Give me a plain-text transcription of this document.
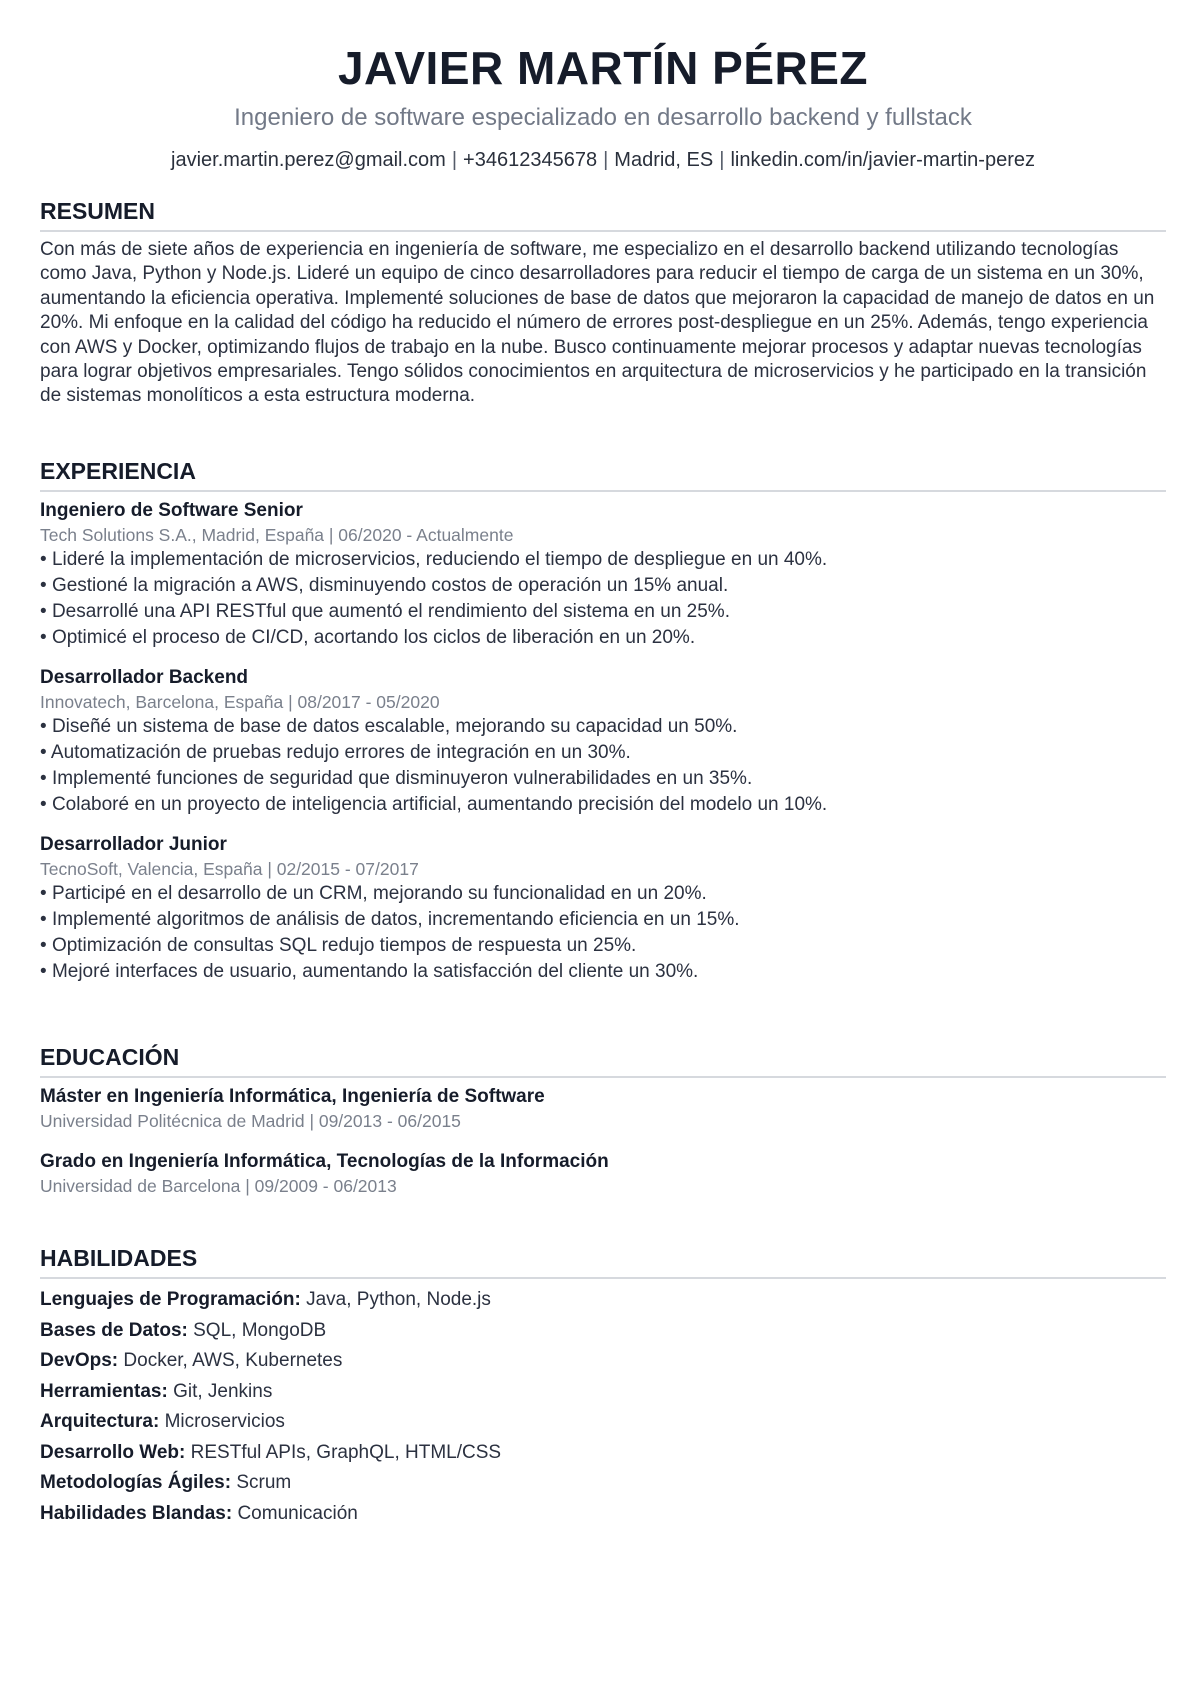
JAVIER MARTÍN PÉREZ
Ingeniero de software especializado en desarrollo backend y fullstack
javier.martin.perez@gmail.com | +34612345678 | Madrid, ES | linkedin.com/in/javier-martin-perez
RESUMEN

Con más de siete años de experiencia en ingeniería de software, me especializo en el desarrollo backend utilizando tecnologías como Java, Python y Node.js. Lideré un equipo de cinco desarrolladores para reducir el tiempo de carga de un sistema en un 30%, aumentando la eficiencia operativa. Implementé soluciones de base de datos que mejoraron la capacidad de manejo de datos en un 20%. Mi enfoque en la calidad del código ha reducido el número de errores post-despliegue en un 25%. Además, tengo experiencia con AWS y Docker, optimizando flujos de trabajo en la nube. Busco continuamente mejorar procesos y adaptar nuevas tecnologías para lograr objetivos empresariales. Tengo sólidos conocimientos en arquitectura de microservicios y he participado en la transición de sistemas monolíticos a esta estructura moderna.

EXPERIENCIA
Ingeniero de Software Senior
Tech Solutions S.A., Madrid, España | 06/2020 - Actualmente
• Lideré la implementación de microservicios, reduciendo el tiempo de despliegue en un 40%.
• Gestioné la migración a AWS, disminuyendo costos de operación un 15% anual.
• Desarrollé una API RESTful que aumentó el rendimiento del sistema en un 25%.
• Optimicé el proceso de CI/CD, acortando los ciclos de liberación en un 20%.
Desarrollador Backend
Innovatech, Barcelona, España | 08/2017 - 05/2020
• Diseñé un sistema de base de datos escalable, mejorando su capacidad un 50%.
• Automatización de pruebas redujo errores de integración en un 30%.
• Implementé funciones de seguridad que disminuyeron vulnerabilidades en un 35%.
• Colaboré en un proyecto de inteligencia artificial, aumentando precisión del modelo un 10%.
Desarrollador Junior
TecnoSoft, Valencia, España | 02/2015 - 07/2017
• Participé en el desarrollo de un CRM, mejorando su funcionalidad en un 20%.
• Implementé algoritmos de análisis de datos, incrementando eficiencia en un 15%.
• Optimización de consultas SQL redujo tiempos de respuesta un 25%.
• Mejoré interfaces de usuario, aumentando la satisfacción del cliente un 30%.
EDUCACIÓN
Máster en Ingeniería Informática, Ingeniería de Software
Universidad Politécnica de Madrid | 09/2013 - 06/2015
Grado en Ingeniería Informática, Tecnologías de la Información
Universidad de Barcelona | 09/2009 - 06/2013
HABILIDADES
Lenguajes de Programación: Java, Python, Node.js
Bases de Datos: SQL, MongoDB
DevOps: Docker, AWS, Kubernetes
Herramientas: Git, Jenkins
Arquitectura: Microservicios
Desarrollo Web: RESTful APIs, GraphQL, HTML/CSS
Metodologías Ágiles: Scrum
Habilidades Blandas: Comunicación
